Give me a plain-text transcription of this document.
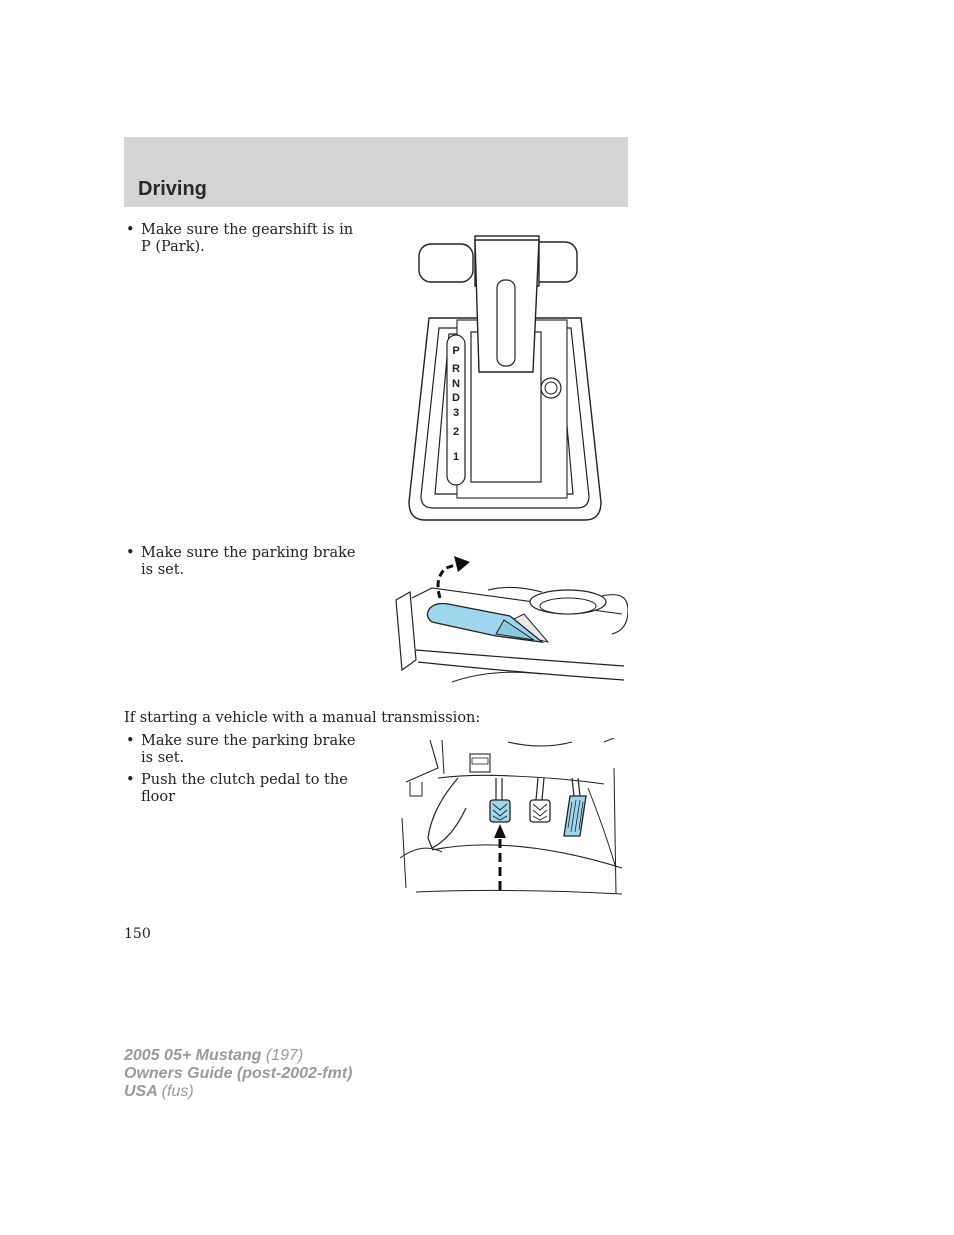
Driving
• Make sure the gearshift is in P (Park).
P
R
N
D
3
2
1
• Make sure the parking brake is set.
If starting a vehicle with a manual transmission:
• Make sure the parking brake is set.
• Push the clutch pedal to the floor
150
2005 05+ Mustang (197)
Owners Guide (post-2002-fmt)
USA (fus)
